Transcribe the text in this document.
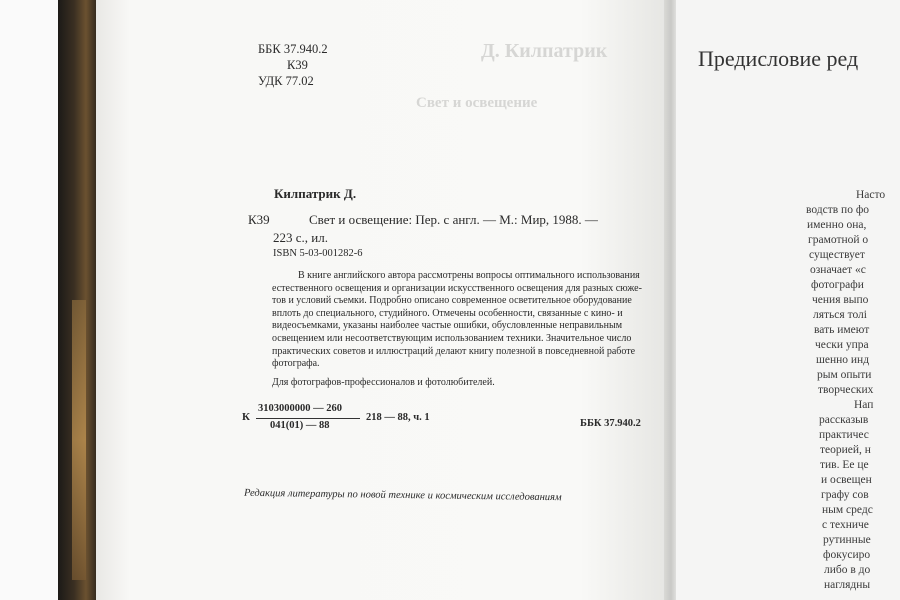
Д. Килпатрик
Свет и освещение
ББК 37.940.2
К39
УДК 77.02
Килпатрик Д.
К39	Свет и освещение: Пер. с англ. — М.: Мир, 1988. —
223 с., ил.
ISBN 5-03-001282-6
В книге английского автора рассмотрены вопросы оптимального использования
естественного освещения и организации искусственного освещения для разных сюже-
тов и условий съемки. Подробно описано современное осветительное оборудование
вплоть до специального, студийного. Отмечены особенности, связанные с кино- и
видеосъемками, указаны наиболее частые ошибки, обусловленные неправильным
освещением или несоответствующим использованием техники. Значительное число
практических советов и иллюстраций делают книгу полезной в повседневной работе
фотографа.
Для фотографов-профессионалов и фотолюбителей.
К
3103000000 — 260
041(01) — 88
218 — 88, ч. 1
ББК 37.940.2
Редакция литературы по новой технике и космическим исследованиям
Предисловие ред
Насто
водств по фо
именно она,
грамотной о
существует
означает «с
фотографи
чения выпо
ляться толі
вать имеют
чески упра
шенно инд
рым опыти
творческих
Нап
рассказыв
практичес
теорией, н
тив. Ее це
и освещен
графу сов
ным средс
с техниче
рутинные
фокусиро
либо в до
наглядны
